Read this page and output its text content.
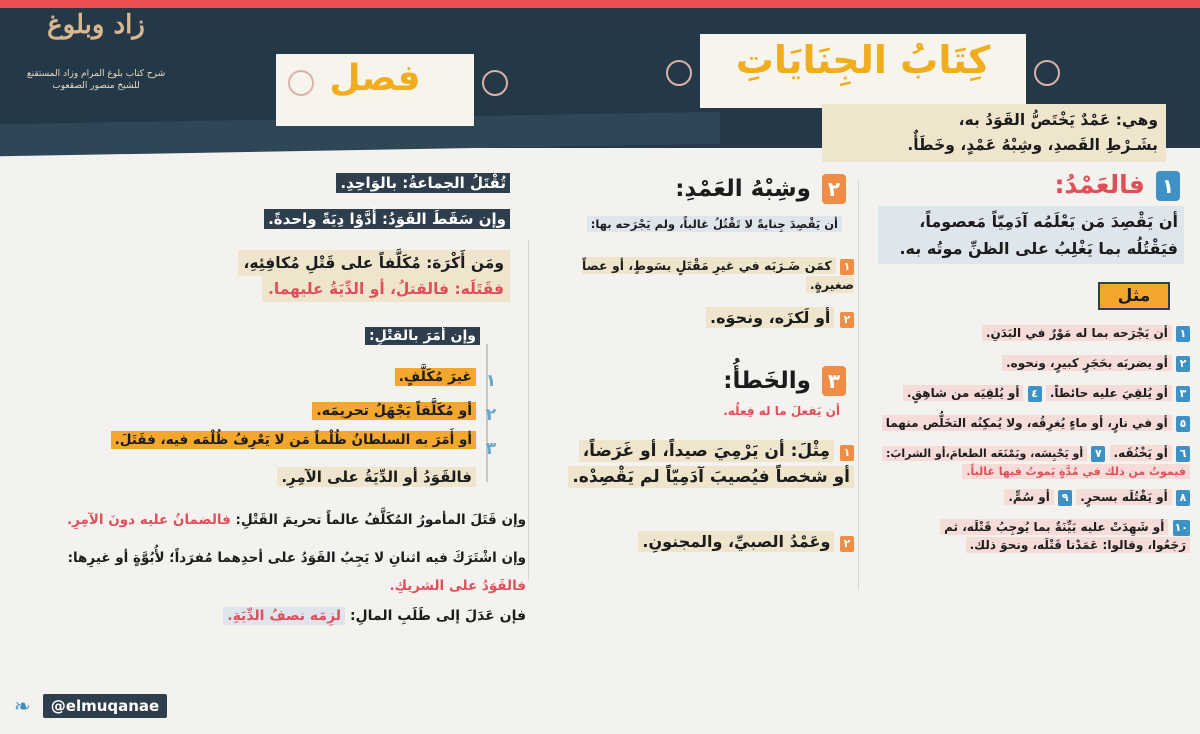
كِتَابُ الجِنَايَاتِ
فصل
زاد وبلوغ
شرح كتاب بلوغ المرام وزاد المستقنع
للشيخ منصور الصقعوب
وهي: عَمْدٌ يَخْتَصُّ القَوَدُ به،
بشَـرْطِ القَصدِ، وشِبْهُ عَمْدٍ، وخَطَأٌ.
١ فالعَمْدُ:
أن يَقْصِدَ مَن يَعْلَمُه آدَمِيّاً مَعصوماً،
فيَقْتُلُه بما يَغْلِبُ على الظنِّ موتُه به.
مثل
١ أن يَجْرَحه بما له مَوْرٌ في البَدَنِ.
٢ أو يضربَه بحَجَرٍ كبيرٍ، ونحوه.
٣ أو يُلقِيَ عليه حائطاً. ٤ أو يُلقِيَه من شاهِقٍ.
٥ أو في نارٍ، أو ماءٍ يُغرِقُه، ولا يُمكِنُه التخَلُّص منهما
٦ أو يَخْنُقَه. ٧ أو يَحْبِسَه، ويَمْنَعَه الطعامَ،أو الشرابَ:
فيموتُ من ذلك في مُدَّةٍ يَموتُ فيها غالباً.
٨ أو يَقْتُلَه بسحرٍ. ٩ أو سُمٍّ.
١٠ أو شَهِدَتْ عليه بَيِّنَةٌ بما يُوجِبُ قَتْلَه، ثم
رَجَعُوا، وقالوا: عَمَدْنا قَتْلَه، ونحوَ ذلك.
٢ وشِبْهُ العَمْدِ:
أن يَقْصِدَ جِنايةً لا تَقْتُلُ غالباً، ولم يَجْرَحه بها:
١ كمَن ضَـرَبَه في غيرِ مَقْتَلٍ بسَوطٍ، أو عصاً صغيرةٍ.
٢ أو لَكزَه، ونحوَه.
٣ والخَطأُ:
أن يَفعلَ ما له فِعلُه.
١ مِثْلَ: أن يَرْمِيَ صيداً، أو غَرَضاً،
أو شخصاً فيُصيبَ آدَمِيّاً لم يَقْصِدْه.
٢ وعَمْدُ الصبيِّ، والمجنونِ.
تُقْتَلُ الجماعةُ: بالوَاحِدِ.
وإن سَقَطَ القَوَدُ: أَدَّوْا دِيَةً واحدةً.
ومَن أَكْرَهَ: مُكَلَّفاً على قَتْلِ مُكافِئِهِ،
فقَتَلَه: فالقتلُ، أو الدِّيَةُ عليهما.
وإن أَمَرَ بالقتْلِ:
١
٢
٣
غيرَ مُكَلَّفٍ.
أو مُكَلَّفاً يَجْهَلُ تحريمَه.
أو أَمَرَ به السلطانُ ظُلْماً مَن لا يَعْرِفُ ظُلْمَه فيه، فقَتَلَ.
فالقَوَدُ أو الدِّيَةُ على الآمِرِ.
وإن قَتَلَ المأمورُ المُكَلَّفُ عالماً تحريمَ القَتْلِ: فالضمانُ عليه دونَ الآمِرِ.
وإن اشْتَرَكَ فيه اثنانِ لا يَجِبُ القَوَدُ على أحدِهما مُفرَداً؛ لأُبُوَّةٍ أو غيرِها:
فالقَوَدُ على الشريكِ.
فإن عَدَلَ إلى طَلَبِ المالِ: لزِمَه نصفُ الدِّيَةِ.
❧	@elmuqanae
